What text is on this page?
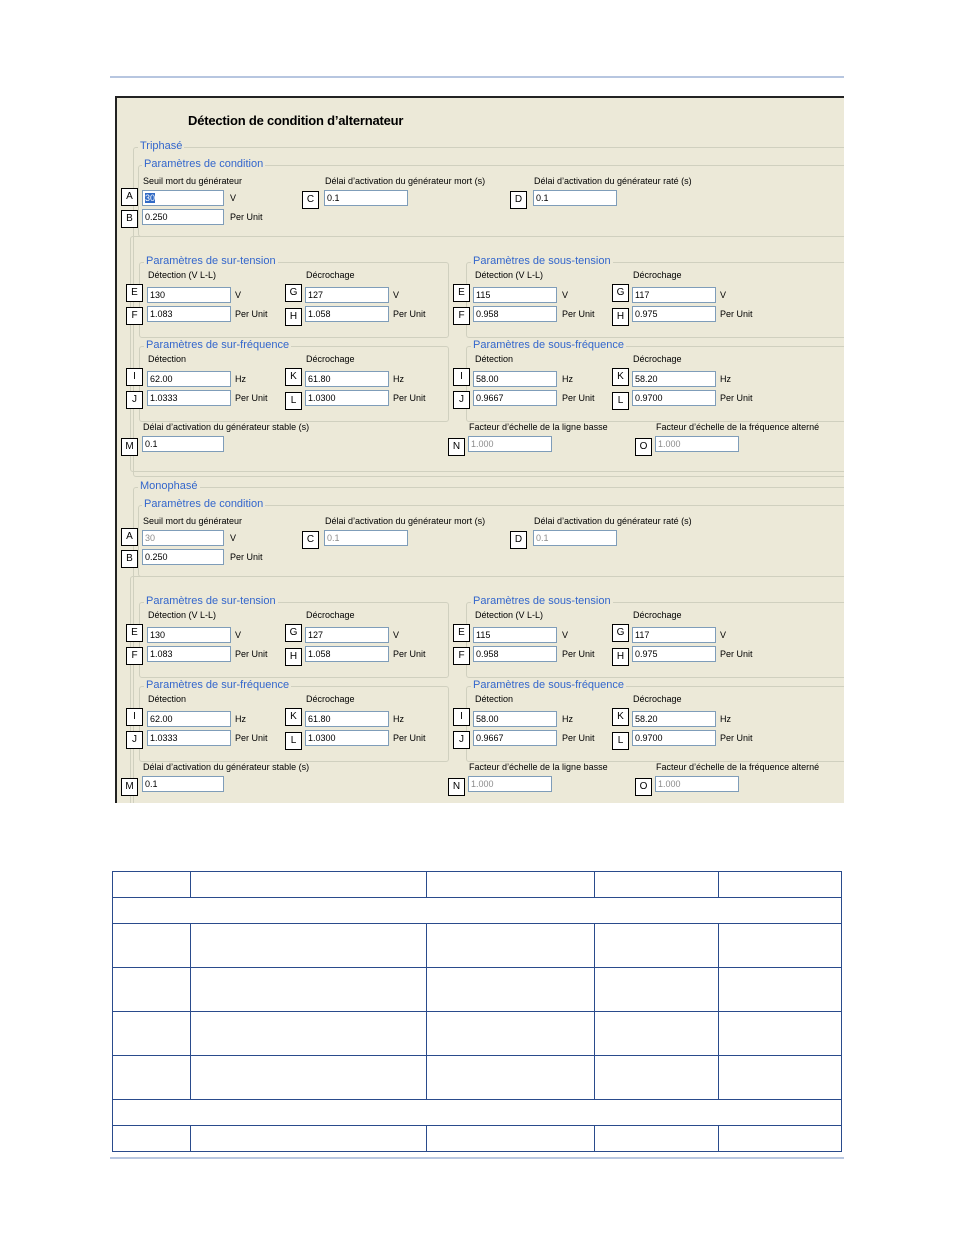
Détection de condition d’alternateur
Triphasé
Paramètres de condition
Seuil mort du générateur
A	30	V
B	0.250	Per Unit
Délai d’activation du générateur mort (s)
C	0.1
Délai d’activation du générateur raté (s)
D	0.1
Paramètres de sur-tension
Détection (V L-L)	Décrochage
E	130	V
F	1.083	Per Unit
G	127	V
H	1.058	Per Unit
Paramètres de sous-tension
Détection (V L-L)	Décrochage
E	115	V
F	0.958	Per Unit
G	117	V
H	0.975	Per Unit
Paramètres de sur-fréquence
Détection	Décrochage
I	62.00	Hz
J	1.0333	Per Unit
K	61.80	Hz
L	1.0300	Per Unit
Paramètres de sous-fréquence
Détection	Décrochage
I	58.00	Hz
J	0.9667	Per Unit
K	58.20	Hz
L	0.9700	Per Unit
Délai d’activation du générateur stable (s)
M	0.1
Facteur d’échelle de la ligne basse
N	1.000
Facteur d’échelle de la fréquence alterné
O	1.000
Monophasé
Paramètres de condition
Seuil mort du générateur
A	30	V
B	0.250	Per Unit
Délai d’activation du générateur mort (s)
C	0.1
Délai d’activation du générateur raté (s)
D	0.1
Paramètres de sur-tension
Détection (V L-L)	Décrochage
E	130	V
F	1.083	Per Unit
G	127	V
H	1.058	Per Unit
Paramètres de sous-tension
Détection (V L-L)	Décrochage
E	115	V
F	0.958	Per Unit
G	117	V
H	0.975	Per Unit
Paramètres de sur-fréquence
Détection	Décrochage
I	62.00	Hz
J	1.0333	Per Unit
K	61.80	Hz
L	1.0300	Per Unit
Paramètres de sous-fréquence
Détection	Décrochage
I	58.00	Hz
J	0.9667	Per Unit
K	58.20	Hz
L	0.9700	Per Unit
Délai d’activation du générateur stable (s)
M	0.1
Facteur d’échelle de la ligne basse
N	1.000
Facteur d’échelle de la fréquence alterné
O	1.000
